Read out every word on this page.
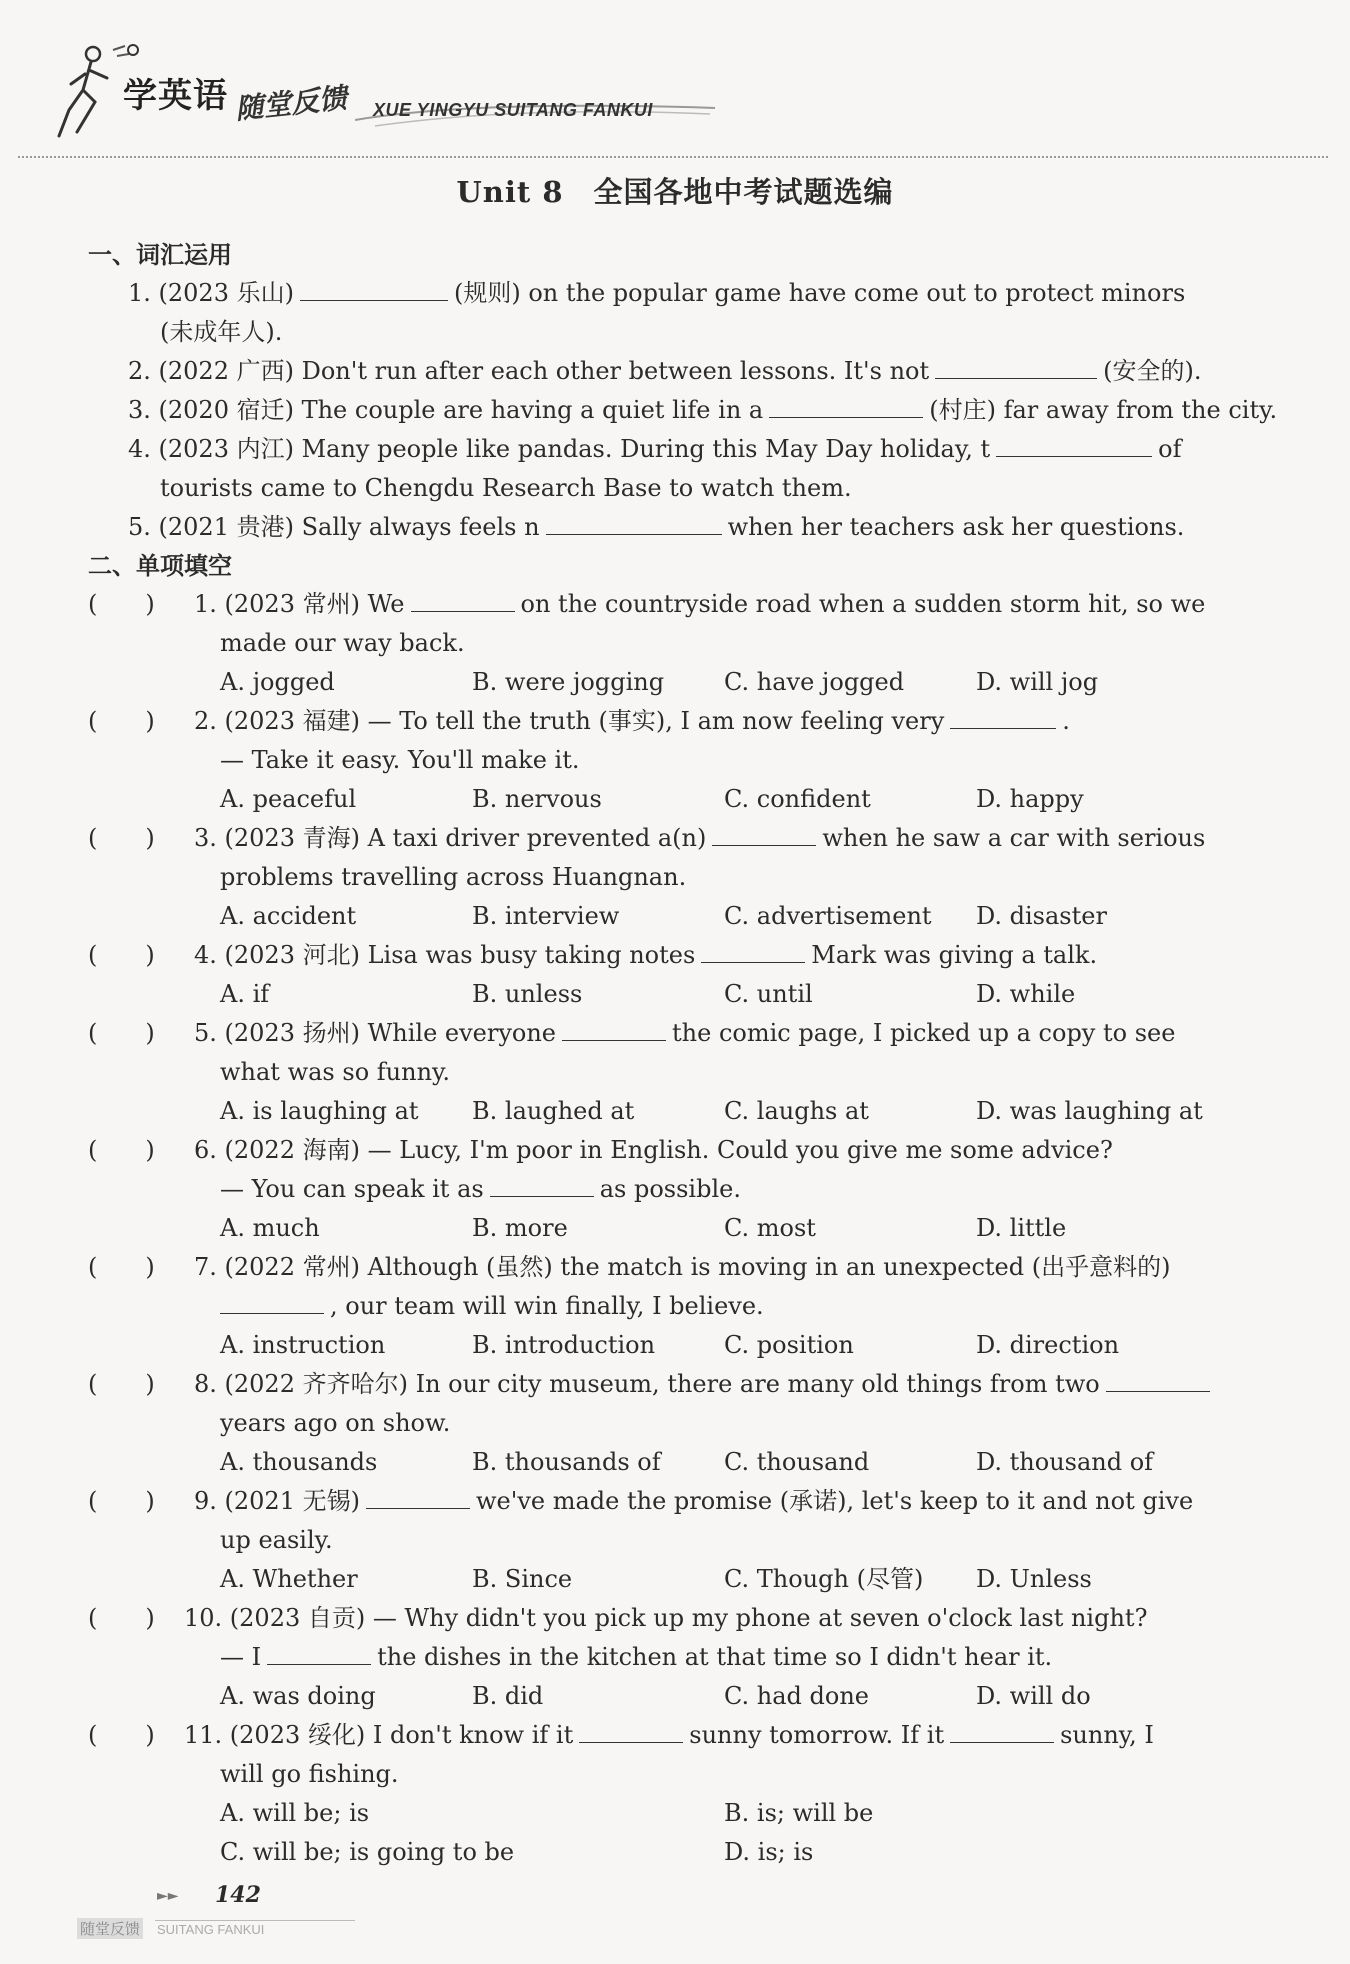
学英语 随堂反馈 XUE YINGYU SUITANG FANKUI
Unit 8　全国各地中考试题选编
一、词汇运用
1. (2023 乐山)	(规则) on the popular game have come out to protect minors
(未成年人).
2. (2022 广西) Don't run after each other between lessons. It's not	(安全的).
3. (2020 宿迁) The couple are having a quiet life in a	(村庄) far away from the city.
4. (2023 内江) Many people like pandas. During this May Day holiday, t	of
tourists came to Chengdu Research Base to watch them.
5. (2021 贵港) Sally always feels n	when her teachers ask her questions.
二、单项填空
(　　) 1. (2023 常州) We	on the countryside road when a sudden storm hit, so we
made our way back.
A. jogged	B. were jogging C. have jogged	D. will jog
(　　) 2. (2023 福建) — To tell the truth (事实), I am now feeling very	.
— Take it easy. You'll make it.
A. peaceful	B. nervous	C. confident	D. happy
(　　) 3. (2023 青海) A taxi driver prevented a(n)	when he saw a car with serious
problems travelling across Huangnan.
A. accident	B. interview	C. advertisement D. disaster
(　　) 4. (2023 河北) Lisa was busy taking notes	Mark was giving a talk.
A. if	B. unless	C. until	D. while
(　　) 5. (2023 扬州) While everyone	the comic page, I picked up a copy to see
what was so funny.
A. is laughing at B. laughed at	C. laughs at	D. was laughing at
(　　) 6. (2022 海南) — Lucy, I'm poor in English. Could you give me some advice?
— You can speak it as	as possible.
A. much	B. more	C. most	D. little
(　　) 7. (2022 常州) Although (虽然) the match is moving in an unexpected (出乎意料的)
, our team will win finally, I believe.
A. instruction	B. introduction	C. position	D. direction
(　　) 8. (2022 齐齐哈尔) In our city museum, there are many old things from two
years ago on show.
A. thousands	B. thousands of	C. thousand	D. thousand of
(　　) 9. (2021 无锡)	we've made the promise (承诺), let's keep to it and not give
up easily.
A. Whether	B. Since	C. Though (尽管) D. Unless
(　　) 10. (2023 自贡) — Why didn't you pick up my phone at seven o'clock last night?
— I	the dishes in the kitchen at that time so I didn't hear it.
A. was doing	B. did	C. had done	D. will do
(　　) 11. (2023 绥化) I don't know if it	sunny tomorrow. If it	sunny, I
will go fishing.
A. will be; is	B. is; will be
C. will be; is going to be	D. is; is
►► 142
随堂反馈 SUITANG FANKUI
